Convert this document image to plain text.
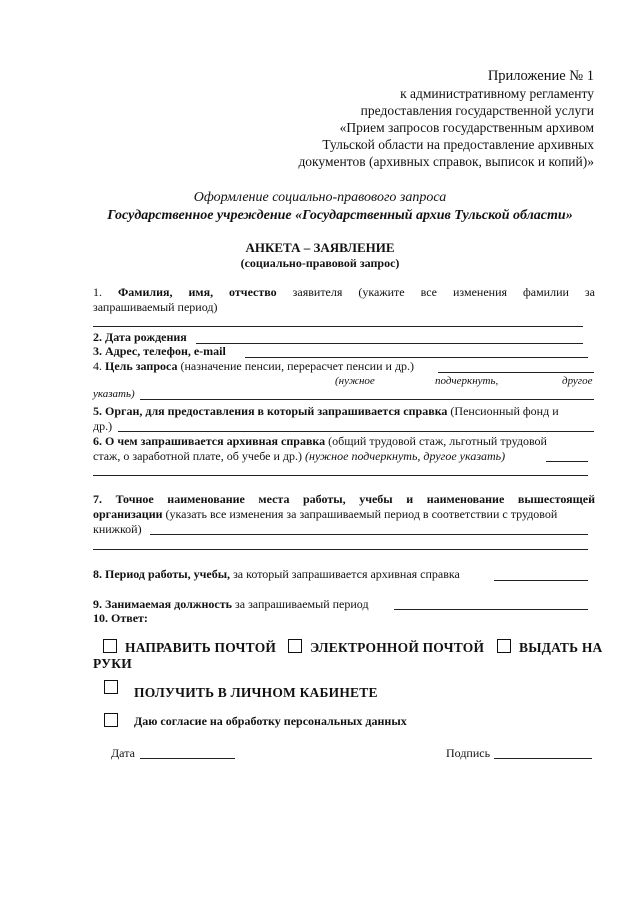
Приложение № 1
к административному регламенту
предоставления государственной услуги
«Прием запросов государственным архивом
Тульской области на предоставление архивных
документов (архивных справок, выписок и копий)»
Оформление социально-правового запроса
Государственное учреждение «Государственный архив Тульской области»
АНКЕТА – ЗАЯВЛЕНИЕ
(социально-правовой запрос)
1. Фамилия, имя, отчество заявителя (укажите все изменения фамилии за
запрашиваемый период)
2. Дата рождения
3. Адрес, телефон, e-mail
4. Цель запроса (назначение пенсии, перерасчет пенсии и др.)
(нужное	подчеркнуть,	другое
указать)
5. Орган, для предоставления в который запрашивается справка (Пенсионный фонд и
др.)
6. О чем запрашивается архивная справка (общий трудовой стаж, льготный трудовой
стаж, о заработной плате, об учебе и др.) (нужное подчеркнуть, другое указать)
7. Точное наименование места работы, учебы и наименование вышестоящей
организации (указать все изменения за запрашиваемый период в соответствии с трудовой
книжкой)
8. Период работы, учебы, за который запрашивается архивная справка
9. Занимаемая должность за запрашиваемый период
10. Ответ:
НАПРАВИТЬ ПОЧТОЙ	ЭЛЕКТРОННОЙ ПОЧТОЙ	ВЫДАТЬ НА
РУКИ
ПОЛУЧИТЬ В ЛИЧНОМ КАБИНЕТЕ
Даю согласие на обработку персональных данных
Дата	Подпись
